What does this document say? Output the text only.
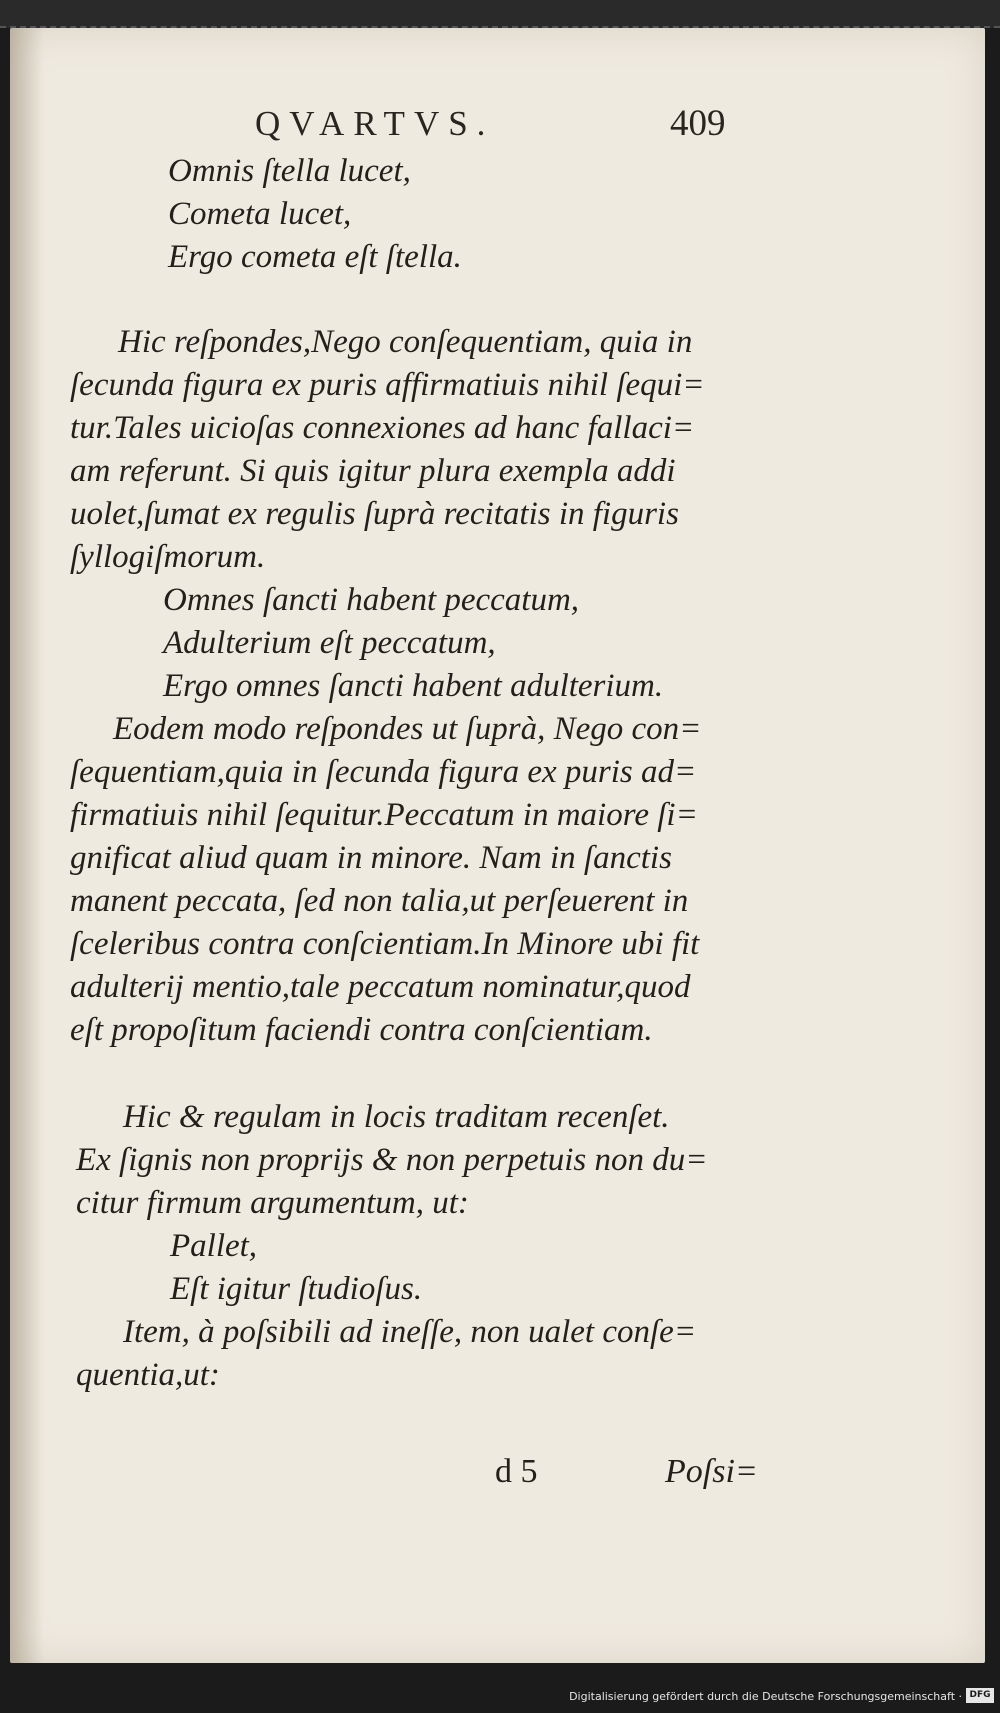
QVARTVS.	409
Omnis ſtella lucet,
Cometa lucet,
Ergo cometa eſt ſtella.
Hic reſpondes,Nego conſequentiam, quia in
ſecunda figura ex puris affirmatiuis nihil ſequi=
tur.Tales uicioſas connexiones ad hanc fallaci=
am referunt. Si quis igitur plura exempla addi
uolet,ſumat ex regulis ſuprà recitatis in figuris
ſyllogiſmorum.
Omnes ſancti habent peccatum,
Adulterium eſt peccatum,
Ergo omnes ſancti habent adulterium.
Eodem modo reſpondes ut ſuprà, Nego con=
ſequentiam,quia in ſecunda figura ex puris ad=
firmatiuis nihil ſequitur.Peccatum in maiore ſi=
gnificat aliud quam in minore. Nam in ſanctis
manent peccata, ſed non talia,ut perſeuerent in
ſceleribus contra conſcientiam.In Minore ubi fit
adulterij mentio,tale peccatum nominatur,quod
eſt propoſitum faciendi contra conſcientiam.
Hic & regulam in locis traditam recenſet.
Ex ſignis non proprijs & non perpetuis non du=
citur firmum argumentum, ut:
Pallet,
Eſt igitur ſtudioſus.
Item, à poſsibili ad ineſſe, non ualet conſe=
quentia,ut:
d 5	Poſsi=
Digitalisierung gefördert durch die Deutsche Forschungsgemeinschaft · DFG
